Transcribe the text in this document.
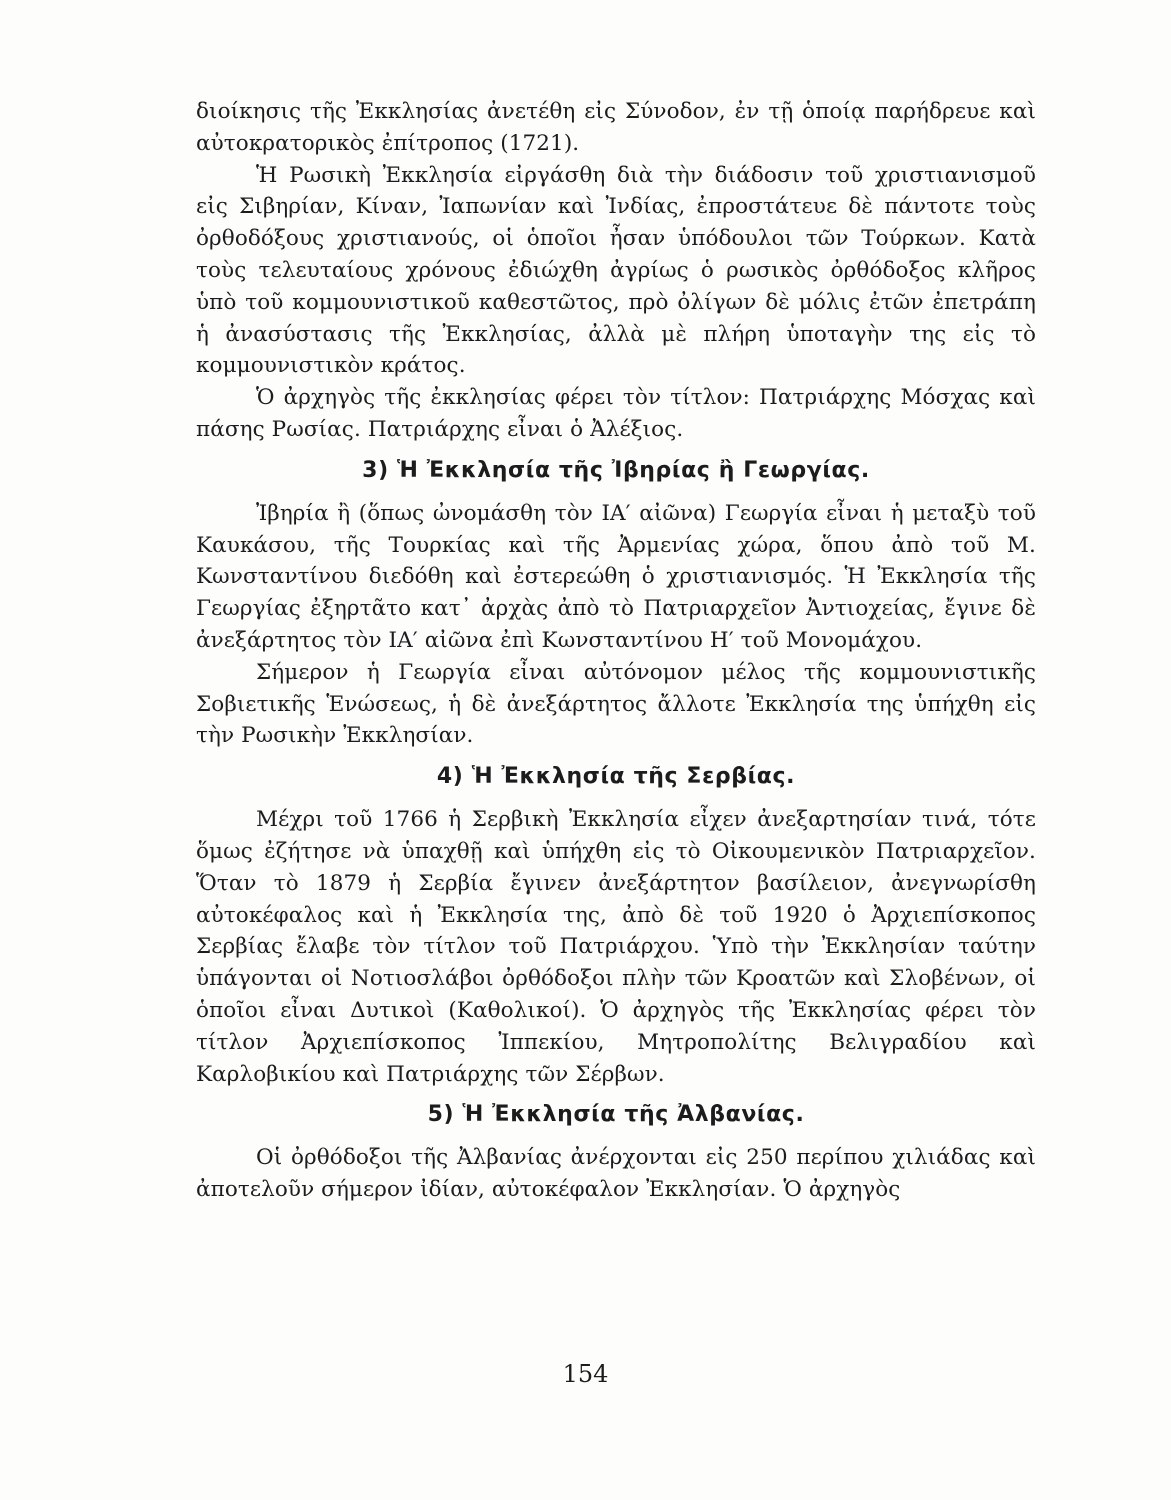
διοίκησις τῆς Ἐκκλησίας ἀνετέθη εἰς Σύνοδον, ἐν τῇ ὁποίᾳ παρήδρευε καὶ αὐτοκρατορικὸς ἐπίτροπος (1721).

Ἡ Ρωσικὴ Ἐκκλησία εἰργάσθη διὰ τὴν διάδοσιν τοῦ χριστιανισμοῦ εἰς Σιβηρίαν, Κίναν, Ἰαπωνίαν καὶ Ἰνδίας, ἐπροστάτευε δὲ πάντοτε τοὺς ὀρθοδόξους χριστιανούς, οἱ ὁποῖοι ἦσαν ὑπόδουλοι τῶν Τούρκων. Κατὰ τοὺς τελευταίους χρόνους ἐδιώχθη ἀγρίως ὁ ρωσικὸς ὀρθόδοξος κλῆρος ὑπὸ τοῦ κομμουνιστικοῦ καθεστῶτος, πρὸ ὀλίγων δὲ μόλις ἐτῶν ἐπετράπη ἡ ἀνασύστασις τῆς Ἐκκλησίας, ἀλλὰ μὲ πλήρη ὑποταγὴν της εἰς τὸ κομμουνιστικὸν κράτος.

Ὁ ἀρχηγὸς τῆς ἐκκλησίας φέρει τὸν τίτλον: Πατριάρχης Μόσχας καὶ πάσης Ρωσίας. Πατριάρχης εἶναι ὁ Ἀλέξιος.

3) Ἡ Ἐκκλησία τῆς Ἰβηρίας ἢ Γεωργίας.

Ἰβηρία ἢ (ὅπως ὠνομάσθη τὸν ΙΑ′ αἰῶνα) Γεωργία εἶναι ἡ μεταξὺ τοῦ Καυκάσου, τῆς Τουρκίας καὶ τῆς Ἀρμενίας χώρα, ὅπου ἀπὸ τοῦ Μ. Κωνσταντίνου διεδόθη καὶ ἐστερεώθη ὁ χριστιανισμός. Ἡ Ἐκκλησία τῆς Γεωργίας ἐξηρτᾶτο κατ᾽ ἀρχὰς ἀπὸ τὸ Πατριαρχεῖον Ἀντιοχείας, ἔγινε δὲ ἀνεξάρτητος τὸν ΙΑ′ αἰῶνα ἐπὶ Κωνσταντίνου Η′ τοῦ Μονομάχου.

Σήμερον ἡ Γεωργία εἶναι αὐτόνομον μέλος τῆς κομμουνιστικῆς Σοβιετικῆς Ἑνώσεως, ἡ δὲ ἀνεξάρτητος ἄλλοτε Ἐκκλησία της ὑπήχθη εἰς τὴν Ρωσικὴν Ἐκκλησίαν.

4) Ἡ Ἐκκλησία τῆς Σερβίας.

Μέχρι τοῦ 1766 ἡ Σερβικὴ Ἐκκλησία εἶχεν ἀνεξαρτησίαν τινά, τότε ὅμως ἐζήτησε νὰ ὑπαχθῇ καὶ ὑπήχθη εἰς τὸ Οἰκουμενικὸν Πατριαρχεῖον. Ὅταν τὸ 1879 ἡ Σερβία ἔγινεν ἀνεξάρτητον βασίλειον, ἀνεγνωρίσθη αὐτοκέφαλος καὶ ἡ Ἐκκλησία της, ἀπὸ δὲ τοῦ 1920 ὁ Ἀρχιεπίσκοπος Σερβίας ἔλαβε τὸν τίτλον τοῦ Πατριάρχου. Ὑπὸ τὴν Ἐκκλησίαν ταύτην ὑπάγονται οἱ Νοτιοσλάβοι ὀρθόδοξοι πλὴν τῶν Κροατῶν καὶ Σλοβένων, οἱ ὁποῖοι εἶναι Δυτικοὶ (Καθολικοί). Ὁ ἀρχηγὸς τῆς Ἐκκλησίας φέρει τὸν τίτλον Ἀρχιεπίσκοπος Ἰππεκίου, Μητροπολίτης Βελιγραδίου καὶ Καρλοβικίου καὶ Πατριάρχης τῶν Σέρβων.

5) Ἡ Ἐκκλησία τῆς Ἀλβανίας.

Οἱ ὀρθόδοξοι τῆς Ἀλβανίας ἀνέρχονται εἰς 250 περίπου χιλιάδας καὶ ἀποτελοῦν σήμερον ἰδίαν, αὐτοκέφαλον Ἐκκλησίαν. Ὁ ἀρχηγὸς

154
